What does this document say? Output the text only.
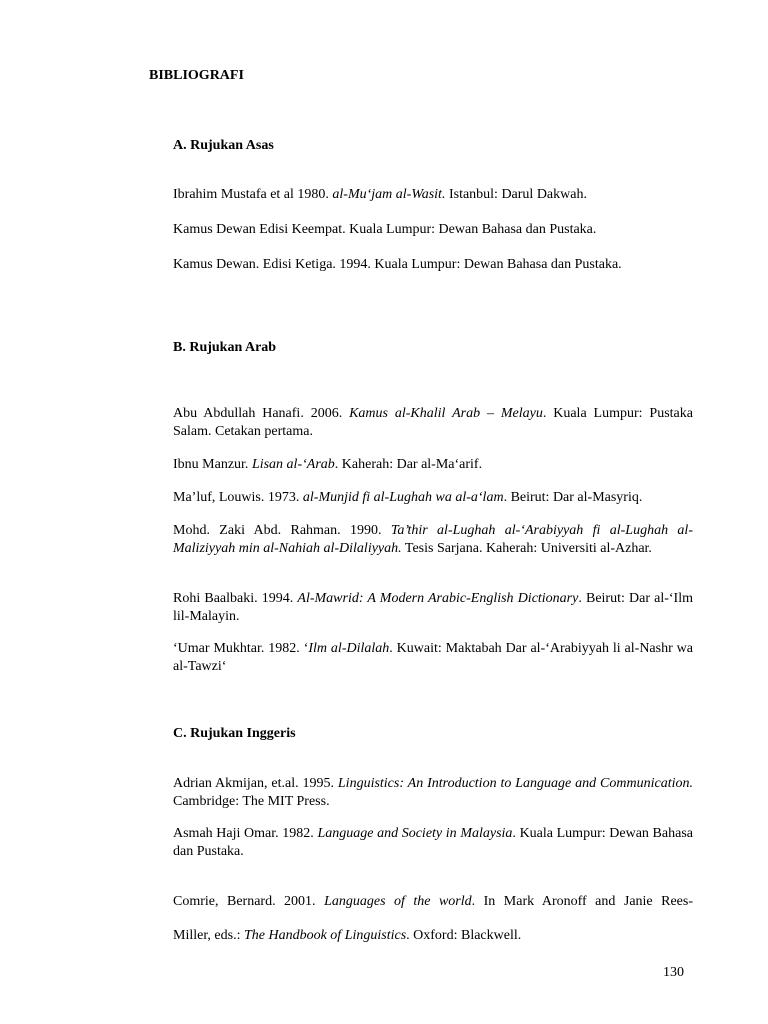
BIBLIOGRAFI
A. Rujukan Asas
Ibrahim Mustafa et al 1980. al-Mu‘jam al-Wasit. Istanbul: Darul Dakwah.
Kamus Dewan Edisi Keempat. Kuala Lumpur: Dewan Bahasa dan Pustaka.
Kamus Dewan. Edisi Ketiga. 1994. Kuala Lumpur: Dewan Bahasa dan Pustaka.
B. Rujukan Arab
Abu Abdullah Hanafi. 2006. Kamus al-Khalil Arab – Melayu. Kuala Lumpur: Pustaka Salam. Cetakan pertama.
Ibnu Manzur. Lisan al-‘Arab. Kaherah: Dar al-Ma‘arif.
Ma’luf, Louwis. 1973. al-Munjid fi al-Lughah wa al-a‘lam. Beirut: Dar al-Masyriq.
Mohd. Zaki Abd. Rahman. 1990. Ta’thir al-Lughah al-‘Arabiyyah fi al-Lughah al-Maliziyyah min al-Nahiah al-Dilaliyyah. Tesis Sarjana. Kaherah: Universiti al-Azhar.
Rohi Baalbaki. 1994. Al-Mawrid: A Modern Arabic-English Dictionary. Beirut: Dar al-‘Ilm lil-Malayin.
‘Umar Mukhtar. 1982. ‘Ilm al-Dilalah. Kuwait: Maktabah Dar al-‘Arabiyyah li al-Nashr wa al-Tawzi‘
C. Rujukan Inggeris
Adrian Akmijan, et.al. 1995. Linguistics: An Introduction to Language and Communication. Cambridge: The MIT Press.
Asmah Haji Omar. 1982. Language and Society in Malaysia. Kuala Lumpur: Dewan Bahasa dan Pustaka.
Comrie, Bernard. 2001. Languages of the world. In Mark Aronoff and Janie Rees-
Miller, eds.: The Handbook of Linguistics. Oxford: Blackwell.
130
